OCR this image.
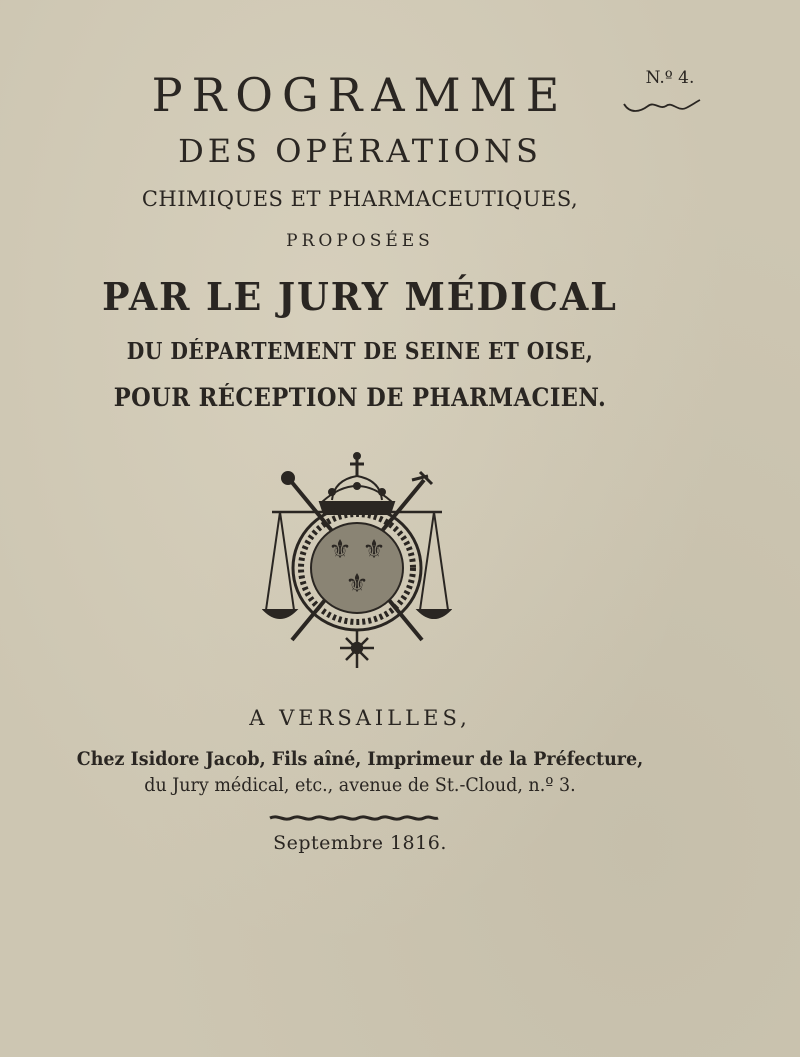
N.º 4.
PROGRAMME
DES OPÉRATIONS
CHIMIQUES ET PHARMACEUTIQUES,
PROPOSÉES
PAR LE JURY MÉDICAL
DU DÉPARTEMENT DE SEINE ET OISE,
POUR RÉCEPTION DE PHARMACIEN.
⚜ ⚜
⚜
A VERSAILLES,
Chez Isidore Jacob, Fils aîné, Imprimeur de la Préfecture,
du Jury médical, etc., avenue de St.-Cloud, n.º 3.
Septembre 1816.
